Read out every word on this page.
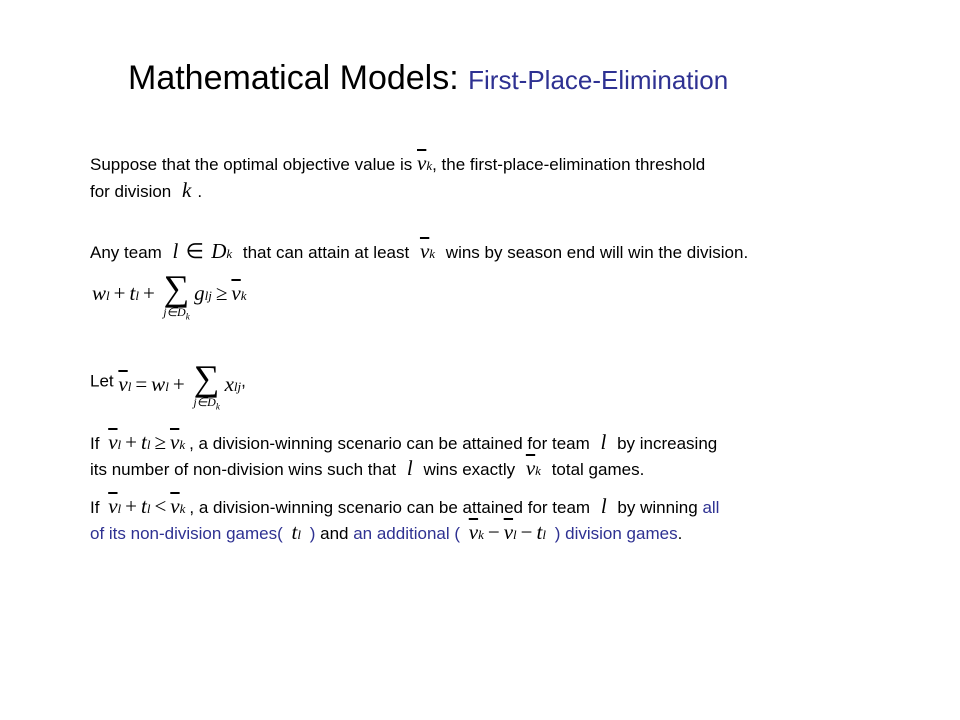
Mathematical Models: First-Place-Elimination
Suppose that the optimal objective value is $\overline{v}k$, the first-place-elimination threshold
for division k .
Any team l ∈ Dk that can attain at least $\overline{v}k$ wins by season end will win the division.
wl + tl + ∑
$j\in D_k$
glj ≥ $\overline{v}k$
Let $\overline{v}l$ = wl + ∑
$j\in D_k$
xlj,
If $\overline{v}l$ + tl ≥ $\overline{v}k$ , a division-winning scenario can be attained for team l by increasing
its number of non-division wins such that l wins exactly $\overline{v}k$ total games.
If $\overline{v}l$ + tl < $\overline{v}k$ , a division-winning scenario can be attained for team l by winning all
of its non-division games( tl ) and an additional ( $\overline{v}k - \overline{v}l$ − tl ) division games.
